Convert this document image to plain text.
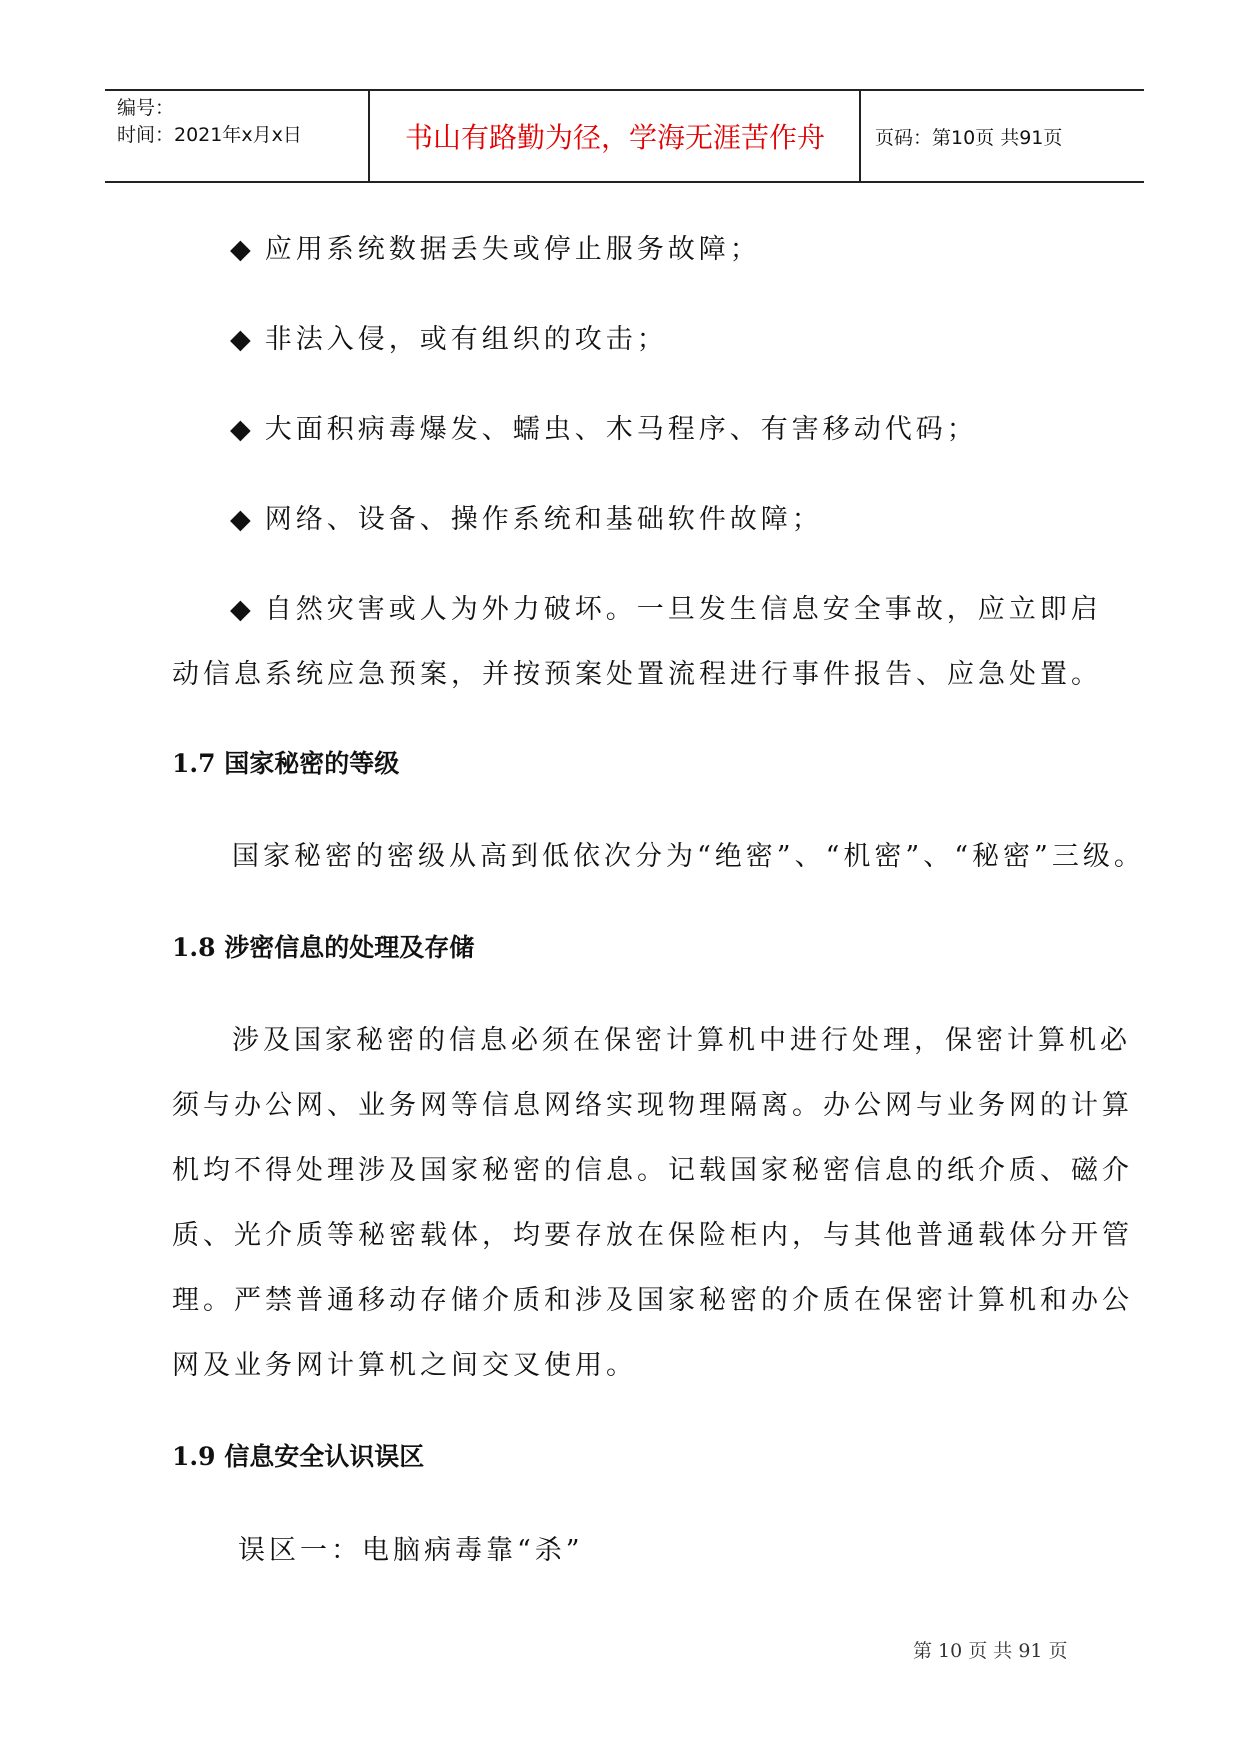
编号：
时间：2021年x月x日	书山有路勤为径，学海无涯苦作舟	页码：第10页 共91页
◆ 应用系统数据丢失或停止服务故障；
◆ 非法入侵，或有组织的攻击；
◆ 大面积病毒爆发、蠕虫、木马程序、有害移动代码；
◆ 网络、设备、操作系统和基础软件故障；
◆ 自然灾害或人为外力破坏。一旦发生信息安全事故，应立即启
动信息系统应急预案，并按预案处置流程进行事件报告、应急处置。
1.7 国家秘密的等级
国家秘密的密级从高到低依次分为“绝密”、“机密”、“秘密”三级。
1.8 涉密信息的处理及存储
涉及国家秘密的信息必须在保密计算机中进行处理，保密计算机必
须与办公网、业务网等信息网络实现物理隔离。办公网与业务网的计算
机均不得处理涉及国家秘密的信息。记载国家秘密信息的纸介质、磁介
质、光介质等秘密载体，均要存放在保险柜内，与其他普通载体分开管
理。严禁普通移动存储介质和涉及国家秘密的介质在保密计算机和办公
网及业务网计算机之间交叉使用。
1.9 信息安全认识误区
误区一：电脑病毒靠“杀”
第 10 页 共 91 页
